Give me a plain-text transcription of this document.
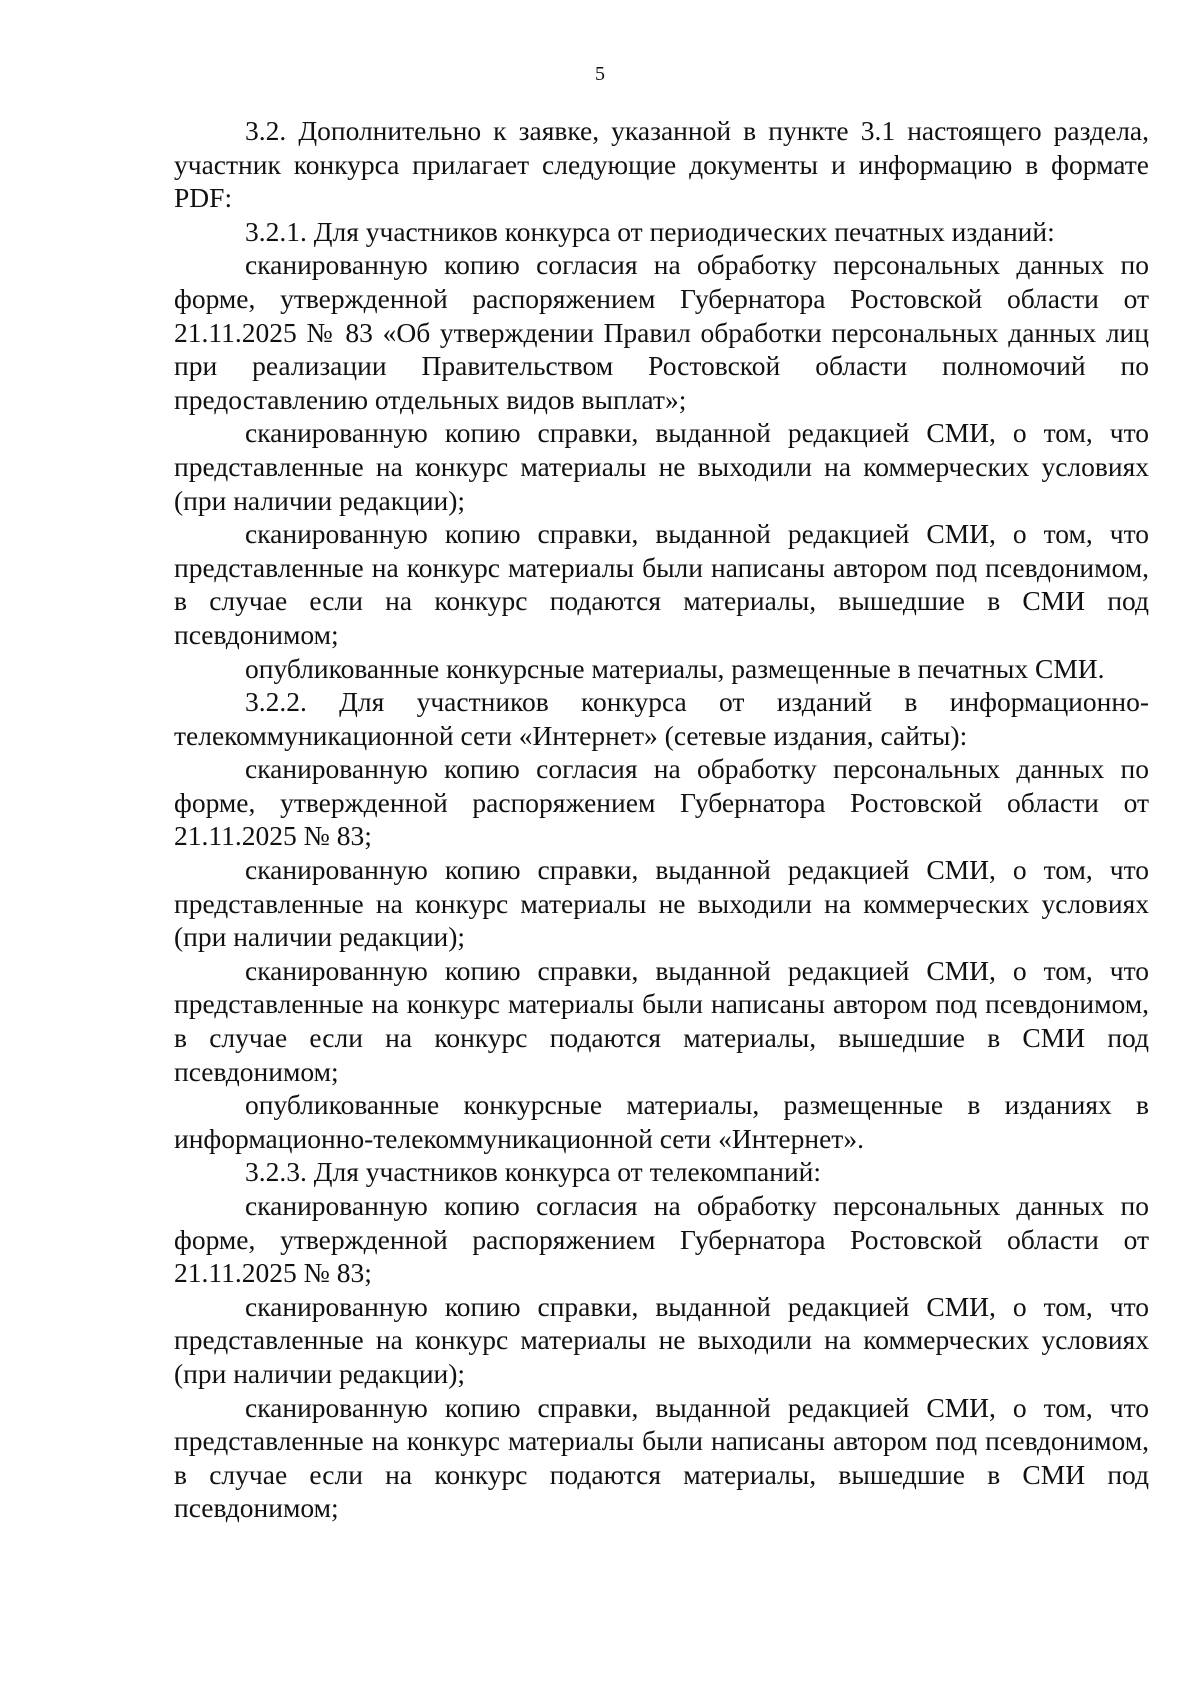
5

3.2. Дополнительно к заявке, указанной в пункте 3.1 настоящего раздела, участник конкурса прилагает следующие документы и информацию в формате PDF:

3.2.1. Для участников конкурса от периодических печатных изданий:

сканированную копию согласия на обработку персональных данных по форме, утвержденной распоряжением Губернатора Ростовской области от 21.11.2025 № 83 «Об утверждении Правил обработки персональных данных лиц при реализации Правительством Ростовской области полномочий по предоставлению отдельных видов выплат»;

сканированную копию справки, выданной редакцией СМИ, о том, что представленные на конкурс материалы не выходили на коммерческих условиях (при наличии редакции);

сканированную копию справки, выданной редакцией СМИ, о том, что представленные на конкурс материалы были написаны автором под псевдонимом, в случае если на конкурс подаются материалы, вышедшие в СМИ под псевдонимом;

опубликованные конкурсные материалы, размещенные в печатных СМИ.

3.2.2. Для участников конкурса от изданий в информационно-телекоммуникационной сети «Интернет» (сетевые издания, сайты):

сканированную копию согласия на обработку персональных данных по форме, утвержденной распоряжением Губернатора Ростовской области от 21.11.2025 № 83;

сканированную копию справки, выданной редакцией СМИ, о том, что представленные на конкурс материалы не выходили на коммерческих условиях (при наличии редакции);

сканированную копию справки, выданной редакцией СМИ, о том, что представленные на конкурс материалы были написаны автором под псевдонимом, в случае если на конкурс подаются материалы, вышедшие в СМИ под псевдонимом;

опубликованные конкурсные материалы, размещенные в изданиях в информационно-телекоммуникационной сети «Интернет».

3.2.3. Для участников конкурса от телекомпаний:

сканированную копию согласия на обработку персональных данных по форме, утвержденной распоряжением Губернатора Ростовской области от 21.11.2025 № 83;

сканированную копию справки, выданной редакцией СМИ, о том, что представленные на конкурс материалы не выходили на коммерческих условиях (при наличии редакции);

сканированную копию справки, выданной редакцией СМИ, о том, что представленные на конкурс материалы были написаны автором под псевдонимом, в случае если на конкурс подаются материалы, вышедшие в СМИ под псевдонимом;
